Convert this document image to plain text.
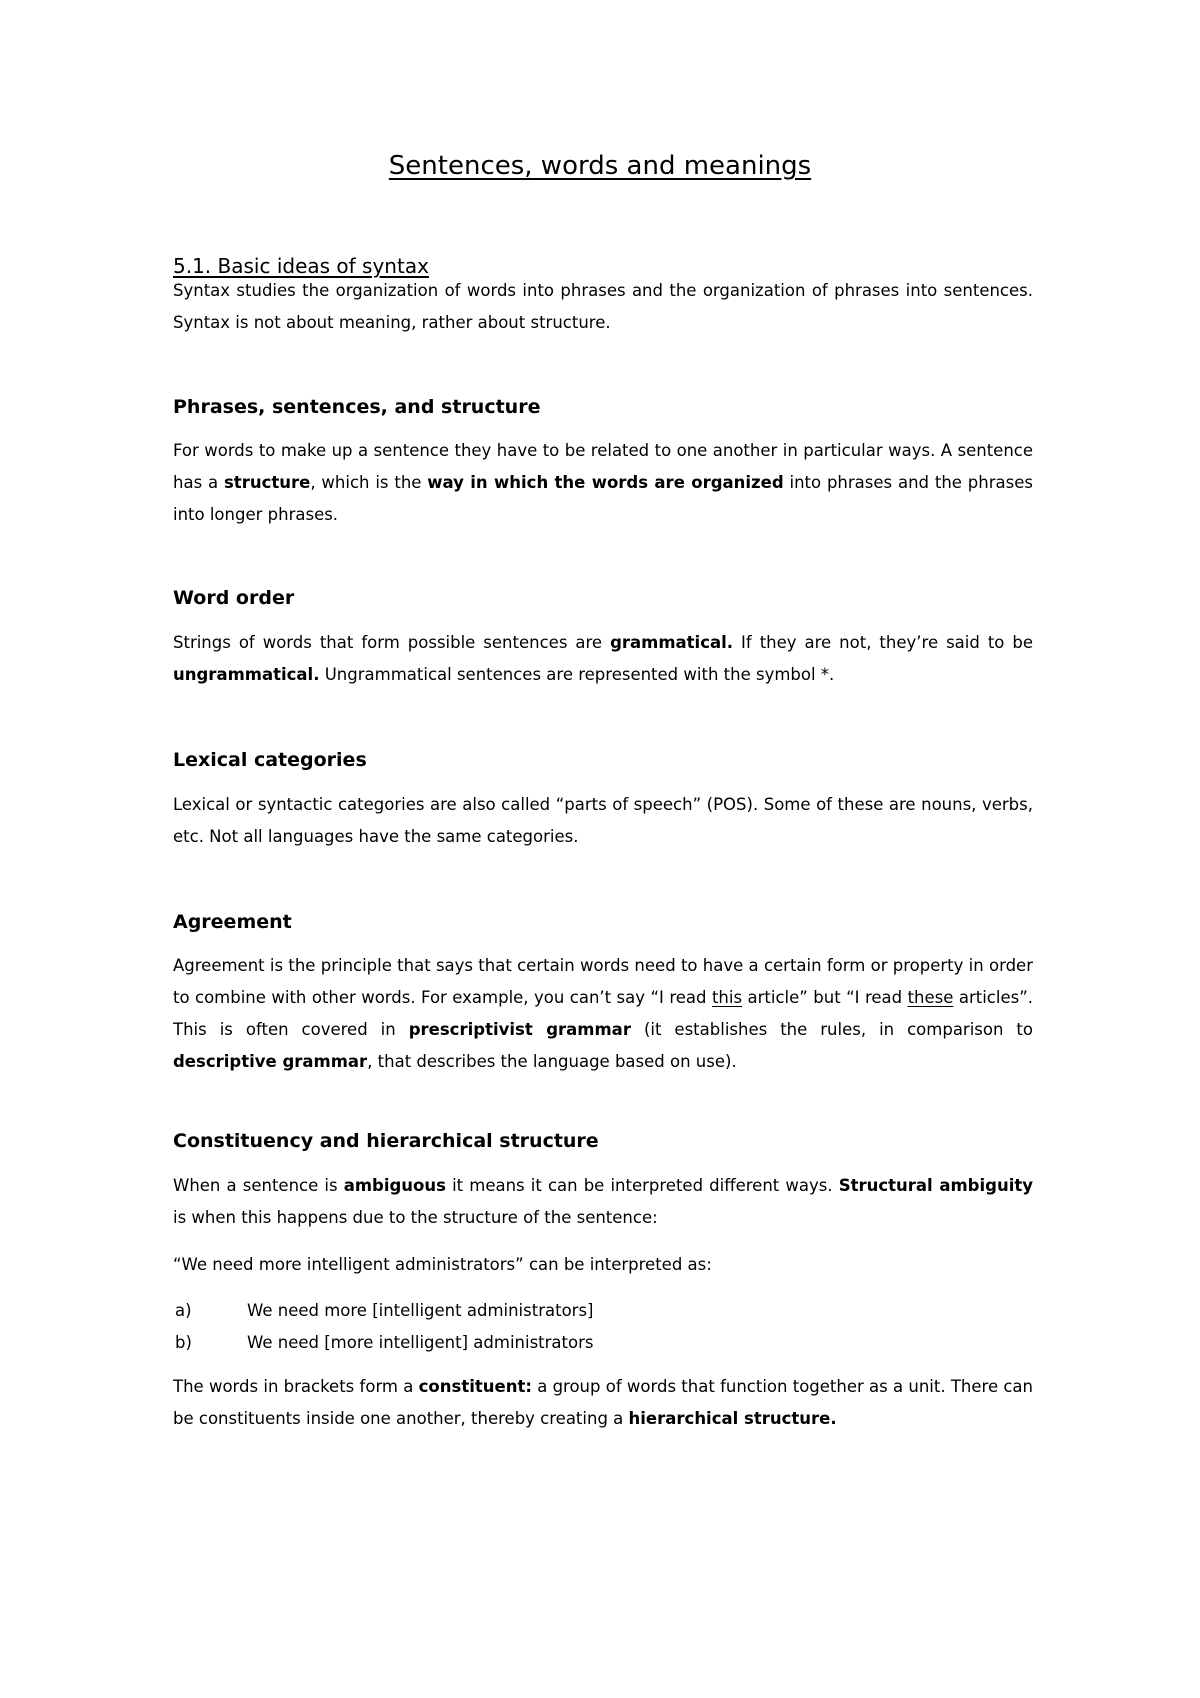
Sentences, words and meanings
5.1. Basic ideas of syntax

Syntax studies the organization of words into phrases and the organization of phrases into sentences. Syntax is not about meaning, rather about structure.

Phrases, sentences, and structure

For words to make up a sentence they have to be related to one another in particular ways. A sentence has a structure, which is the way in which the words are organized into phrases and the phrases into longer phrases.

Word order

Strings of words that form possible sentences are grammatical. If they are not, they’re said to be ungrammatical. Ungrammatical sentences are represented with the symbol *.

Lexical categories

Lexical or syntactic categories are also called “parts of speech” (POS). Some of these are nouns, verbs, etc. Not all languages have the same categories.

Agreement

Agreement is the principle that says that certain words need to have a certain form or property in order to combine with other words. For example, you can’t say “I read this article” but “I read these articles”. This is often covered in prescriptivist grammar (it establishes the rules, in comparison to descriptive grammar, that describes the language based on use).

Constituency and hierarchical structure

When a sentence is ambiguous it means it can be interpreted different ways. Structural ambiguity is when this happens due to the structure of the sentence:

“We need more intelligent administrators” can be interpreted as:

a)	We need more [intelligent administrators]
b)	We need [more intelligent] administrators

The words in brackets form a constituent: a group of words that function together as a unit. There can be constituents inside one another, thereby creating a hierarchical structure.
